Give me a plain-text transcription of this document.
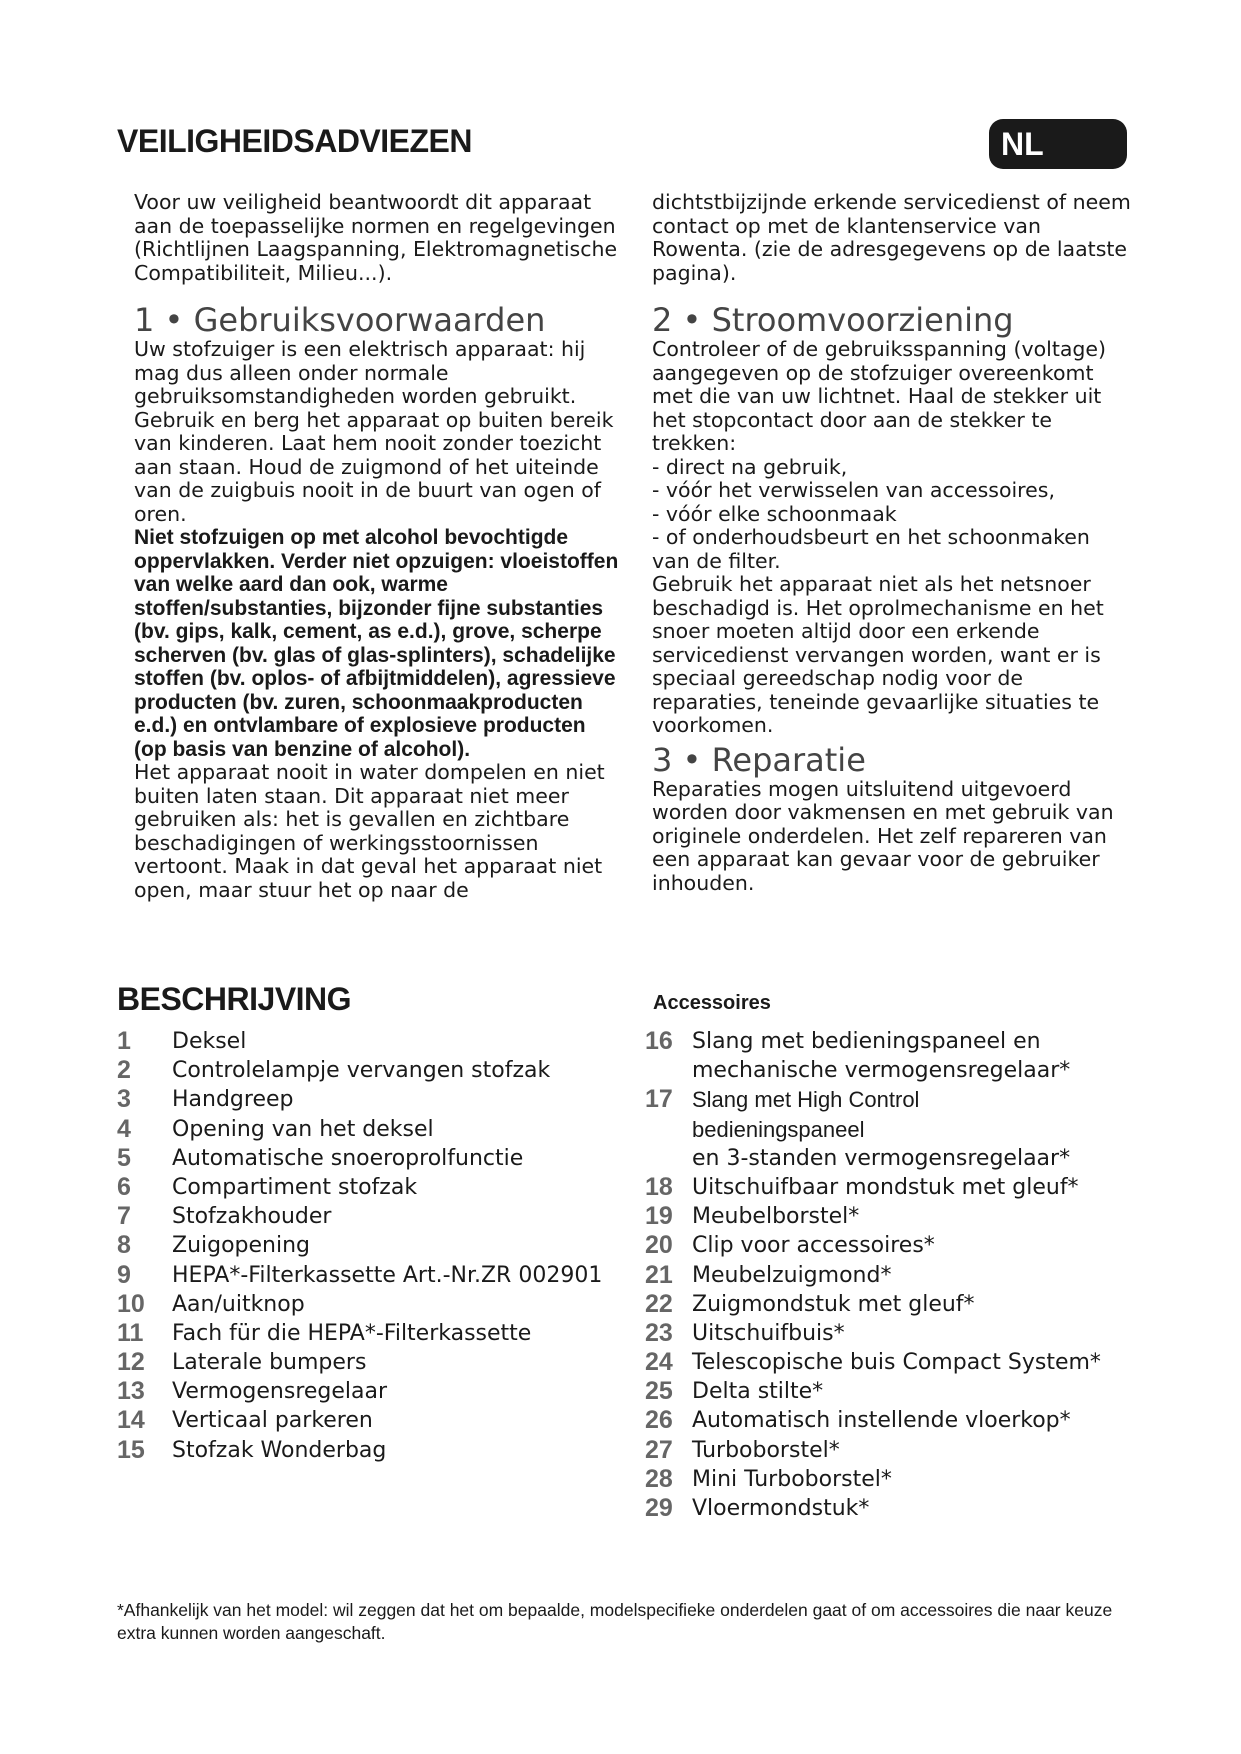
VEILIGHEIDSADVIEZEN	NL

Voor uw veiligheid beantwoordt dit apparaat aan de toepasselijke normen en regelgevingen (Richtlijnen Laagspanning, Elektromagnetische Compatibiliteit, Milieu...).

1 • Gebruiksvoorwaarden

Uw stofzuiger is een elektrisch apparaat: hij mag dus alleen onder normale gebruiksomstandigheden worden gebruikt. Gebruik en berg het apparaat op buiten bereik van kinderen. Laat hem nooit zonder toezicht aan staan. Houd de zuigmond of het uiteinde van de zuigbuis nooit in de buurt van ogen of oren.

Niet stofzuigen op met alcohol bevochtigde oppervlakken. Verder niet opzuigen: vloeistoffen van welke aard dan ook, warme stoffen/substanties, bijzonder fijne substanties (bv. gips, kalk, cement, as e.d.), grove, scherpe scherven (bv. glas of glas-splinters), schadelijke stoffen (bv. oplos- of afbijtmiddelen), agressieve producten (bv. zuren, schoonmaakproducten e.d.) en ontvlambare of explosieve producten (op basis van benzine of alcohol).

Het apparaat nooit in water dompelen en niet buiten laten staan. Dit apparaat niet meer gebruiken als: het is gevallen en zichtbare beschadigingen of werkingsstoornissen vertoont. Maak in dat geval het apparaat niet open, maar stuur het op naar de

dichtstbijzijnde erkende servicedienst of neem contact op met de klantenservice van Rowenta. (zie de adresgegevens op de laatste pagina).

2 • Stroomvoorziening

Controleer of de gebruiksspanning (voltage) aangegeven op de stofzuiger overeenkomt met die van uw lichtnet. Haal de stekker uit het stopcontact door aan de stekker te trekken:

- direct na gebruik,

- vóór het verwisselen van accessoires,

- vóór elke schoonmaak

- of onderhoudsbeurt en het schoonmaken van de filter.

Gebruik het apparaat niet als het netsnoer beschadigd is. Het oprolmechanisme en het snoer moeten altijd door een erkende servicedienst vervangen worden, want er is speciaal gereedschap nodig voor de reparaties, teneinde gevaarlijke situaties te voorkomen.

3 • Reparatie

Reparaties mogen uitsluitend uitgevoerd worden door vakmensen en met gebruik van originele onderdelen. Het zelf repareren van een apparaat kan gevaar voor de gebruiker inhouden.

BESCHRIJVING
1 Deksel
2 Controlelampje vervangen stofzak
3 Handgreep
4 Opening van het deksel
5 Automatische snoeroprolfunctie
6 Compartiment stofzak
7 Stofzakhouder
8 Zuigopening
9 HEPA*-Filterkassette Art.-Nr.ZR 002901
10 Aan/uitknop
11 Fach für die HEPA*-Filterkassette
12 Laterale bumpers
13 Vermogensregelaar
14 Verticaal parkeren
15 Stofzak Wonderbag
Accessoires
16 Slang met bedieningspaneel en
mechanische vermogensregelaar*
17 Slang met High Control
bedieningspaneel
en 3-standen vermogensregelaar*
18 Uitschuifbaar mondstuk met gleuf*
19 Meubelborstel*
20 Clip voor accessoires*
21 Meubelzuigmond*
22 Zuigmondstuk met gleuf*
23 Uitschuifbuis*
24 Telescopische buis Compact System*
25 Delta stilte*
26 Automatisch instellende vloerkop*
27 Turboborstel*
28 Mini Turboborstel*
29 Vloermondstuk*
*Afhankelijk van het model: wil zeggen dat het om bepaalde, modelspecifieke onderdelen gaat of om accessoires die naar keuze extra kunnen worden aangeschaft.
